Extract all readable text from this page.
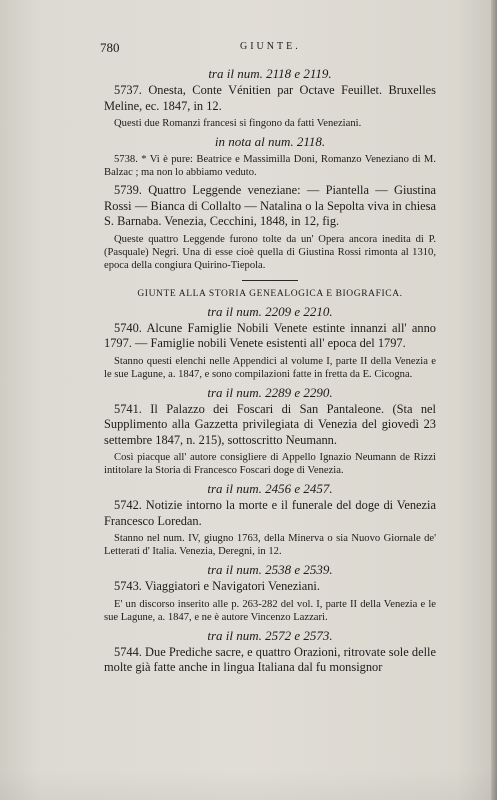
780	GIUNTE.

tra il num. 2118 e 2119.

5737. Onesta, Conte Vénitien par Octave Feuillet. Bruxelles Meline, ec. 1847, in 12.

Questi due Romanzi francesi si fingono da fatti Veneziani.

in nota al num. 2118.

5738. * Vi è pure: Beatrice e Massimilla Doni, Romanzo Veneziano di M. Balzac ; ma non lo abbiamo veduto.

5739. Quattro Leggende veneziane: — Piantella — Giustina Rossi — Bianca di Collalto — Natalina o la Sepolta viva in chiesa S. Barnaba. Venezia, Cecchini, 1848, in 12, fig.

Queste quattro Leggende furono tolte da un' Opera ancora inedita di P. (Pasquale) Negri. Una di esse cioè quella di Giustina Rossi rimonta al 1310, epoca della congiura Quirino-Tiepola.

GIUNTE ALLA STORIA GENEALOGICA E BIOGRAFICA.

tra il num. 2209 e 2210.

5740. Alcune Famiglie Nobili Venete estinte innanzi all' anno 1797. — Famiglie nobili Venete esistenti all' epoca del 1797.

Stanno questi elenchi nelle Appendici al volume I, parte II della Venezia e le sue Lagune, a. 1847, e sono compilazioni fatte in fretta da E. Cicogna.

tra il num. 2289 e 2290.

5741. Il Palazzo dei Foscari di San Pantaleone. (Sta nel Supplimento alla Gazzetta privilegiata di Venezia del giovedì 23 settembre 1847, n. 215), sottoscritto Neumann.

Così piacque all' autore consigliere di Appello Ignazio Neumann de Rizzi intitolare la Storia di Francesco Foscari doge di Venezia.

tra il num. 2456 e 2457.

5742. Notizie intorno la morte e il funerale del doge di Venezia Francesco Loredan.

Stanno nel num. IV, giugno 1763, della Minerva o sia Nuovo Giornale de' Letterati d' Italia. Venezia, Deregni, in 12.

tra il num. 2538 e 2539.

5743. Viaggiatori e Navigatori Veneziani.

E' un discorso inserito alle p. 263-282 del vol. I, parte II della Venezia e le sue Lagune, a. 1847, e ne è autore Vincenzo Lazzari.

tra il num. 2572 e 2573.

5744. Due Prediche sacre, e quattro Orazioni, ritrovate sole delle molte già fatte anche in lingua Italiana dal fu monsignor
